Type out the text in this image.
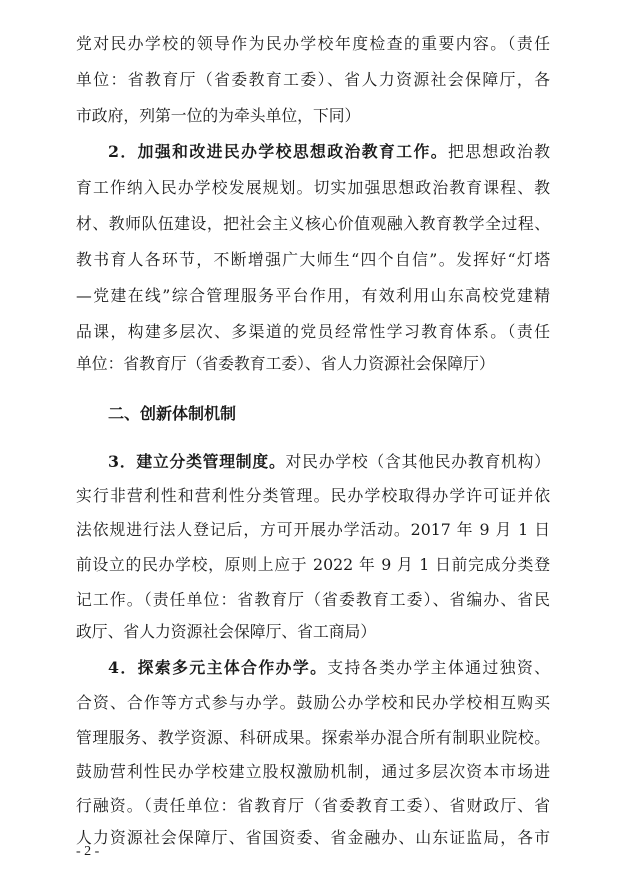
党对民办学校的领导作为民办学校年度检查的重要内容。（责任
单位：省教育厅（省委教育工委）、省人力资源社会保障厅，各
市政府，列第一位的为牵头单位，下同）
2．加强和改进民办学校思想政治教育工作。把思想政治教
育工作纳入民办学校发展规划。切实加强思想政治教育课程、教
材、教师队伍建设，把社会主义核心价值观融入教育教学全过程、
教书育人各环节，不断增强广大师生“四个自信”。发挥好“灯塔
—党建在线”综合管理服务平台作用，有效利用山东高校党建精
品课，构建多层次、多渠道的党员经常性学习教育体系。（责任
单位：省教育厅（省委教育工委）、省人力资源社会保障厅）
二、创新体制机制
3．建立分类管理制度。对民办学校（含其他民办教育机构）
实行非营利性和营利性分类管理。民办学校取得办学许可证并依
法依规进行法人登记后，方可开展办学活动。2017 年 9 月 1 日
前设立的民办学校，原则上应于 2022 年 9 月 1 日前完成分类登
记工作。（责任单位：省教育厅（省委教育工委）、省编办、省民
政厅、省人力资源社会保障厅、省工商局）
4．探索多元主体合作办学。支持各类办学主体通过独资、
合资、合作等方式参与办学。鼓励公办学校和民办学校相互购买
管理服务、教学资源、科研成果。探索举办混合所有制职业院校。
鼓励营利性民办学校建立股权激励机制，通过多层次资本市场进
行融资。（责任单位：省教育厅（省委教育工委）、省财政厅、省
人力资源社会保障厅、省国资委、省金融办、山东证监局，各市
- 2 -
